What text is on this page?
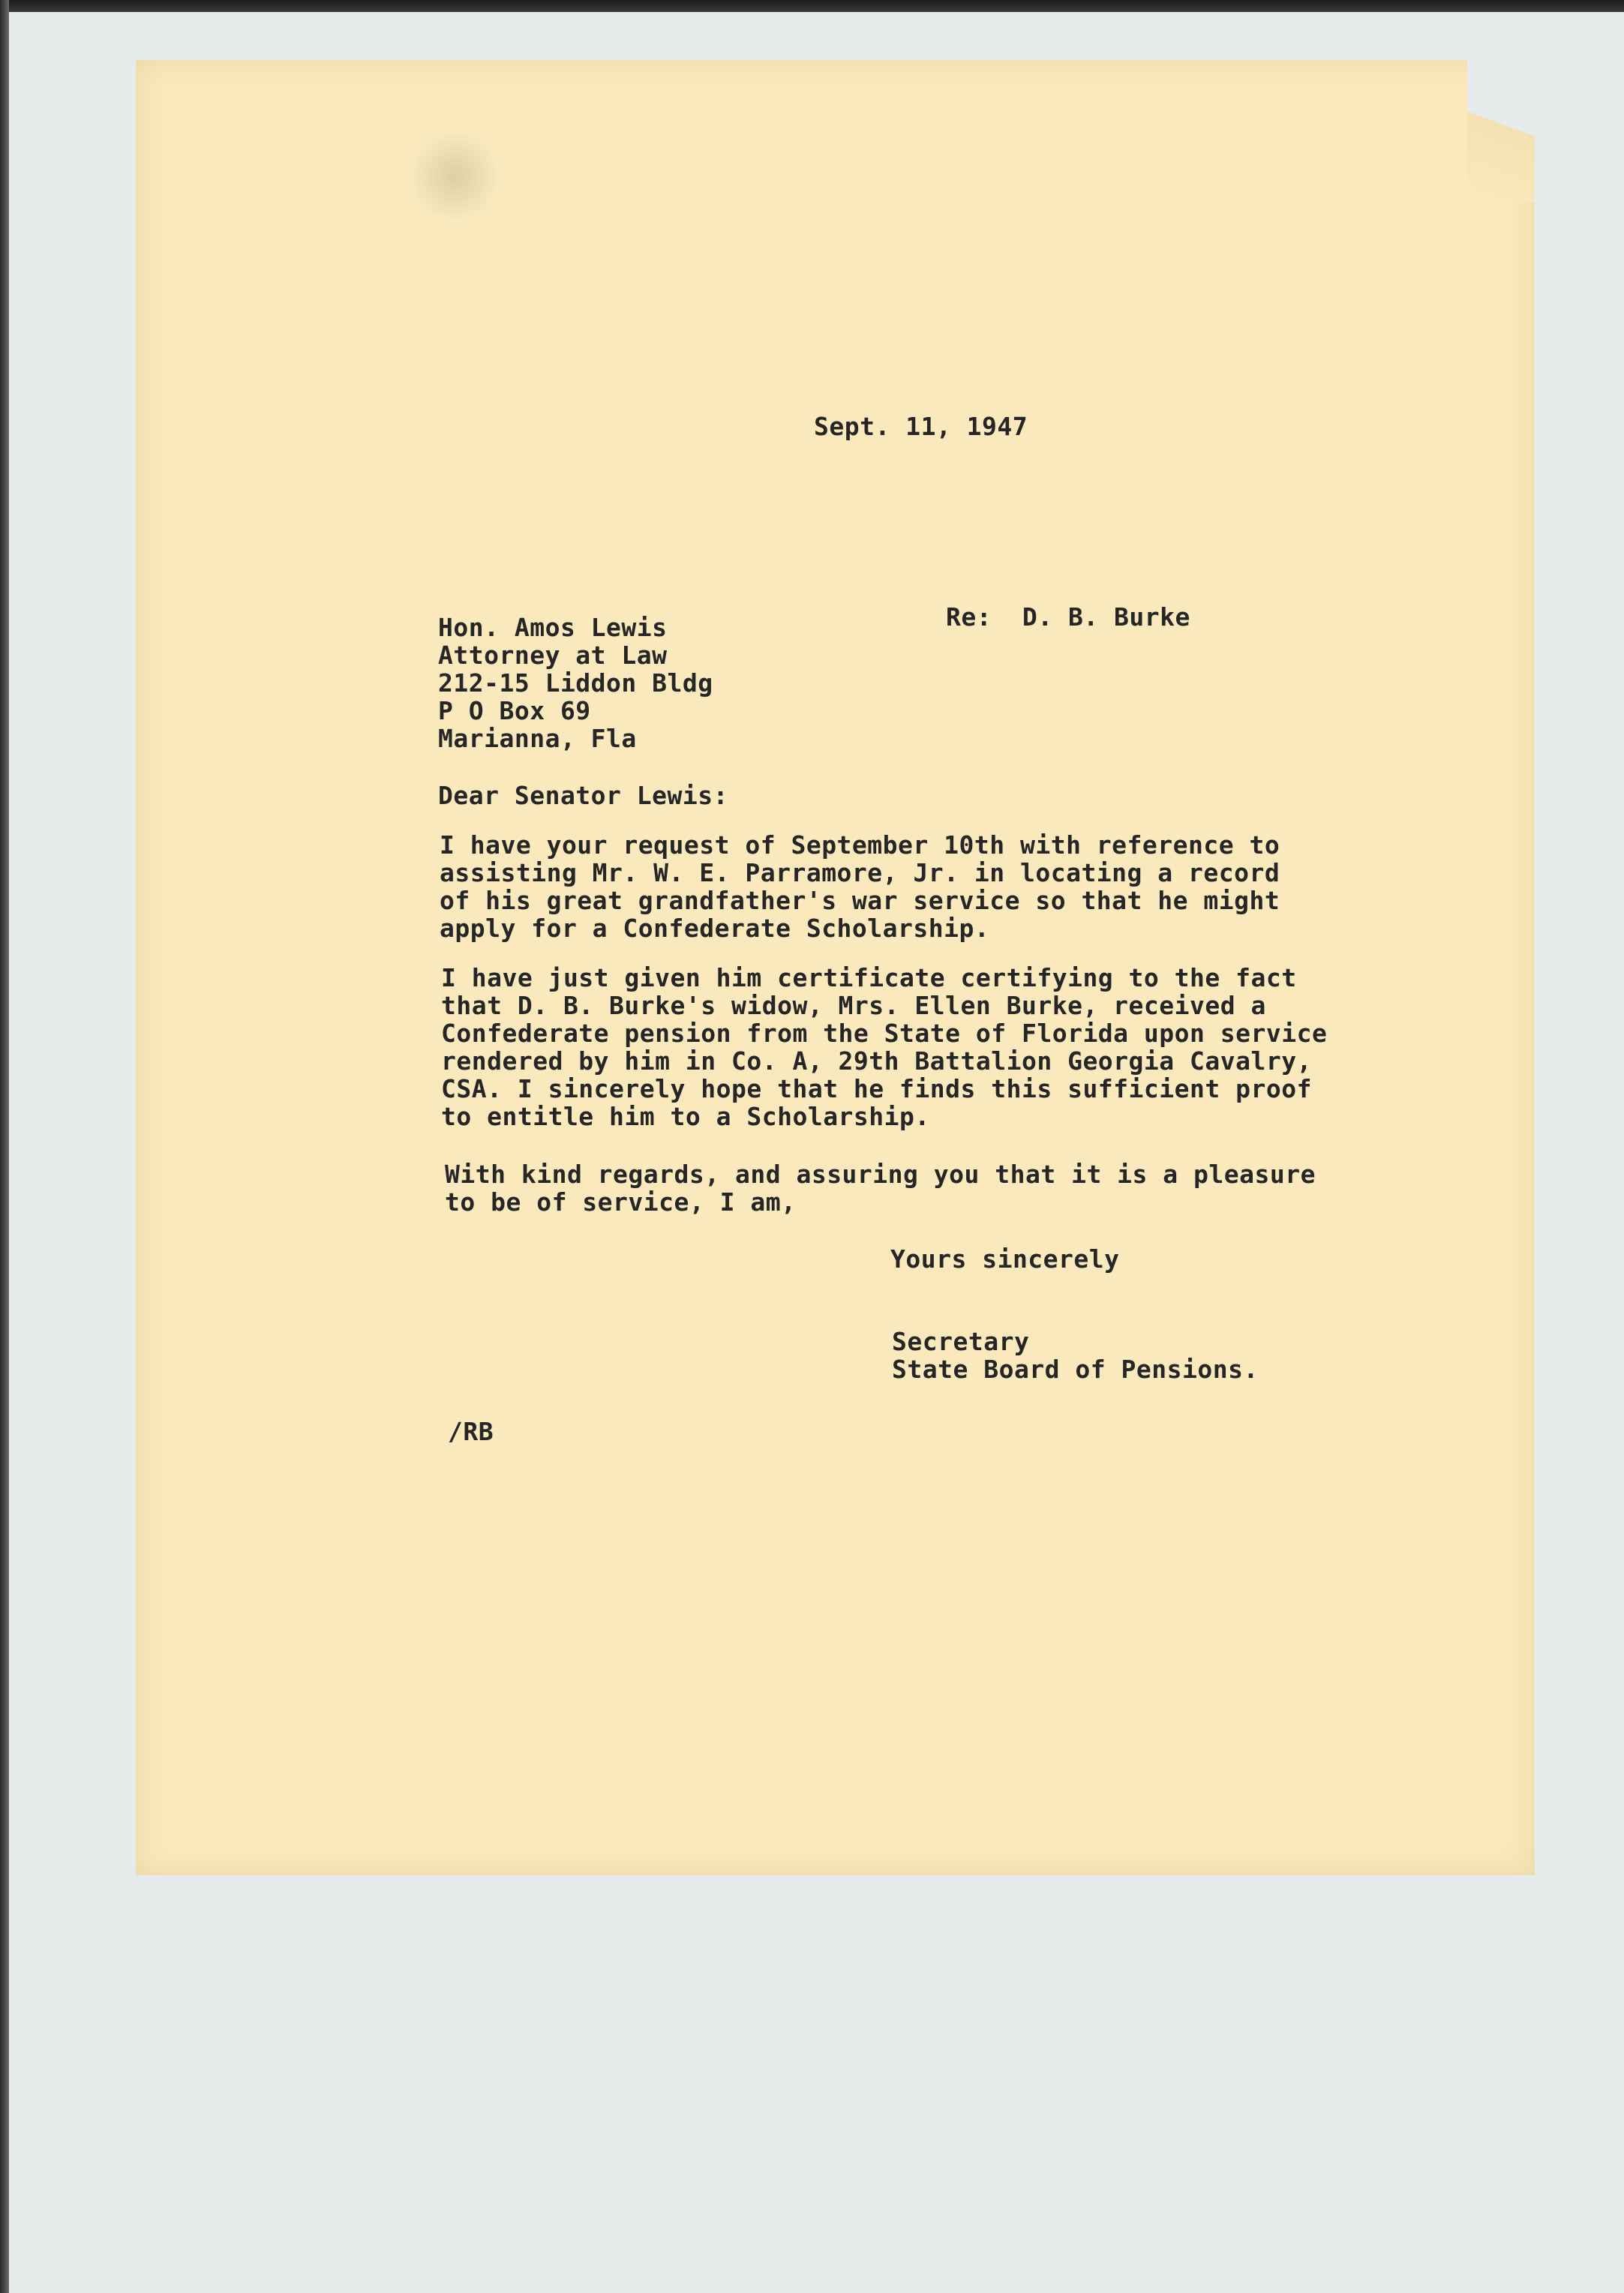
Sept. 11, 1947
Hon. Amos Lewis
Attorney at Law
212-15 Liddon Bldg
P O Box 69
Marianna, Fla
Re:  D. B. Burke
Dear Senator Lewis:
I have your request of September 10th with reference to
assisting Mr. W. E. Parramore, Jr. in locating a record
of his great grandfather's war service so that he might
apply for a Confederate Scholarship.
I have just given him certificate certifying to the fact
that D. B. Burke's widow, Mrs. Ellen Burke, received a
Confederate pension from the State of Florida upon service
rendered by him in Co. A, 29th Battalion Georgia Cavalry,
CSA. I sincerely hope that he finds this sufficient proof
to entitle him to a Scholarship.
With kind regards, and assuring you that it is a pleasure
to be of service, I am,
Yours sincerely
Secretary
State Board of Pensions.
/RB
